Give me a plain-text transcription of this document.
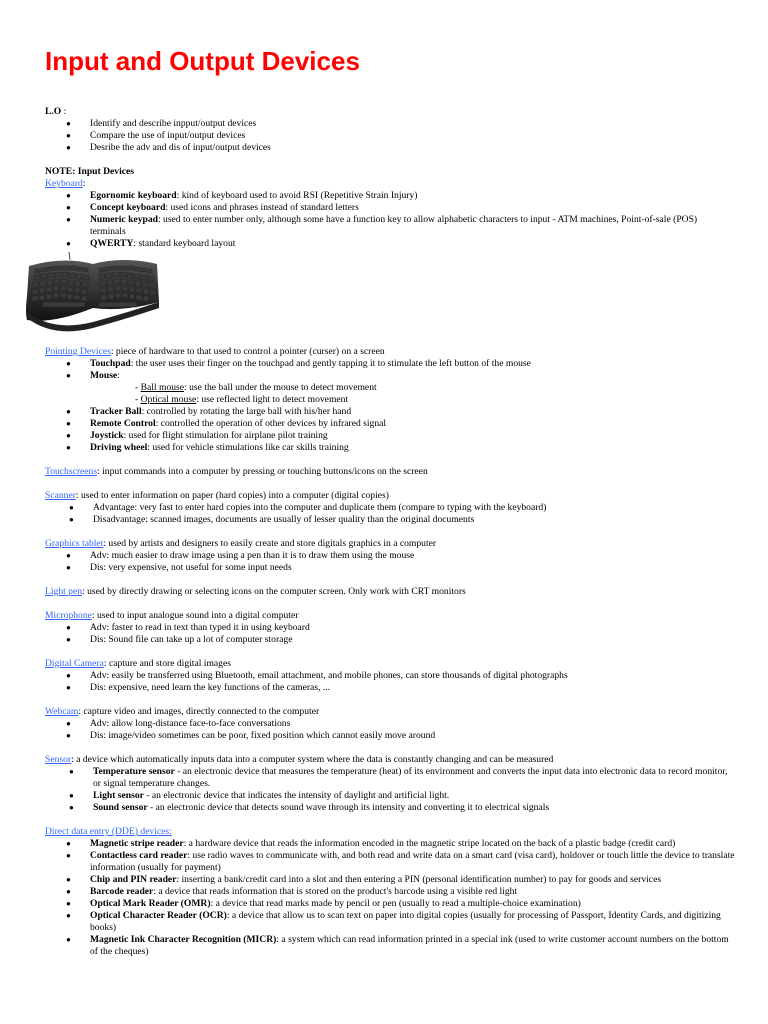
Input and Output Devices
L.O :
● Identify and describe inpput/output devices
● Compare the use of input/output devices
● Desribe the adv and dis of input/output devices
NOTE: Input Devices
Keyboard:
● Egornomic keyboard: kind of keyboard used to avoid RSI (Repetitive Strain Injury)
● Concept keyboard: used icons and phrases instead of standard letters
● Numeric keypad: used to enter number only, although some have a function key to allow alphabetic characters to input - ATM machines, Point-of-sale (POS) terminals
● QWERTY: standard keyboard layout
Pointing Devices: piece of hardware to that used to control a pointer (curser) on a screen
● Touchpad: the user uses their finger on the touchpad and gently tapping it to stimulate the left button of the mouse
● Mouse:
- Ball mouse: use the ball under the mouse to detect movement
- Optical mouse: use reflected light to detect movement
● Tracker Ball: controlled by rotating the large ball with his/her hand
● Remote Control: controlled the operation of other devices by infrared signal
● Joystick: used for flight stimulation for airplane pilot training
● Driving wheel: used for vehicle stimulations like car skills training
Touchscreens: input commands into a computer by pressing or touching buttons/icons on the screen
Scanner: used to enter information on paper (hard copies) into a computer (digital copies)
● Advantage: very fast to enter hard copies into the computer and duplicate them (compare to typing with the keyboard)
● Disadvantage: scanned images, documents are usually of lesser quality than the original documents
Graphics tablet: used by artists and designers to easily create and store digitals graphics in a computer
● Adv: much easier to draw image using a pen than it is to draw them using the mouse
● Dis: very expensive, not useful for some input needs
Light pen: used by directly drawing or selecting icons on the computer screen. Only work with CRT monitors
Microphone: used to input analogue sound into a digital computer
● Adv: faster to read in text than typed it in using keyboard
● Dis: Sound file can take up a lot of computer storage
Digital Camera: capture and store digital images
● Adv: easily be transferred using Bluetooth, email attachment, and mobile phones, can store thousands of digital photographs
● Dis: expensive, need learn the key functions of the cameras, ...
Webcam: capture video and images, directly connected to the computer
● Adv: allow long-distance face-to-face conversations
● Dis: image/video sometimes can be poor, fixed position which cannot easily move around
Sensor: a device which automatically inputs data into a computer system where the data is constantly changing and can be measured
● Temperature sensor - an electronic device that measures the temperature (heat) of its environment and converts the input data into electronic data to record monitor, or signal temperature changes.
● Light sensor - an electronic device that indicates the intensity of daylight and artificial light.
● Sound sensor - an electronic device that detects sound wave through its intensity and converting it to electrical signals
Direct data entry (DDE) devices:
● Magnetic stripe reader: a hardware device that reads the information encoded in the magnetic stripe located on the back of a plastic badge (credit card)
● Contactless card reader: use radio waves to communicate with, and both read and write data on a smart card (visa card), holdover or touch little the device to translate information (usually for payment)
● Chip and PIN reader: inserting a bank/credit card into a slot and then entering a PIN (personal identification number) to pay for goods and services
● Barcode reader: a device that reads information that is stored on the product's barcode using a visible red light
● Optical Mark Reader (OMR): a device that read marks made by pencil or pen (usually to read a multiple-choice examination)
● Optical Character Reader (OCR): a device that allow us to scan text on paper into digital copies (usually for processing of Passport, Identity Cards, and digitizing books)
● Magnetic Ink Character Recognition (MICR): a system which can read information printed in a special ink (used to write customer account numbers on the bottom of the cheques)
